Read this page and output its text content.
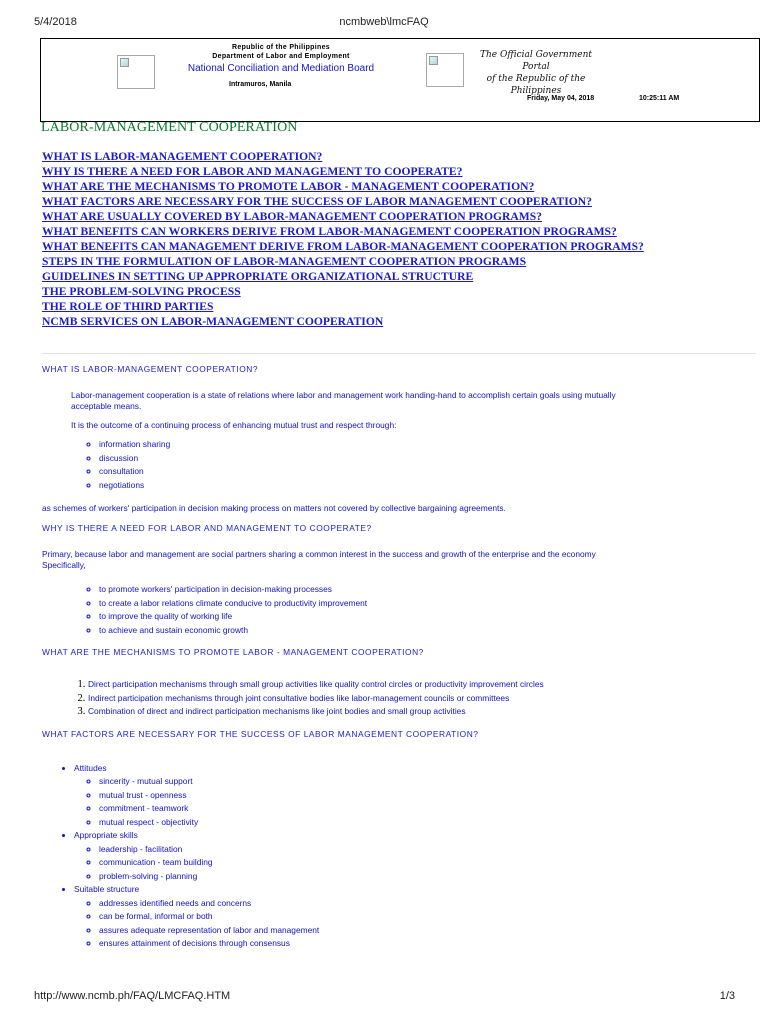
5/4/2018	ncmbweb\lmcFAQ
Republic of the Philippines
Department of Labor and Employment
National Conciliation and Mediation Board
Intramuros, Manila
The Official Government Portal
of the Republic of the Philippines
Friday, May 04, 2018	10:25:11 AM
LABOR-MANAGEMENT COOPERATION
WHAT IS LABOR-MANAGEMENT COOPERATION?
WHY IS THERE A NEED FOR LABOR AND MANAGEMENT TO COOPERATE?
WHAT ARE THE MECHANISMS TO PROMOTE LABOR - MANAGEMENT COOPERATION?
WHAT FACTORS ARE NECESSARY FOR THE SUCCESS OF LABOR MANAGEMENT COOPERATION?
WHAT ARE USUALLY COVERED BY LABOR-MANAGEMENT COOPERATION PROGRAMS?
WHAT BENEFITS CAN WORKERS DERIVE FROM LABOR-MANAGEMENT COOPERATION PROGRAMS?
WHAT BENEFITS CAN MANAGEMENT DERIVE FROM LABOR-MANAGEMENT COOPERATION PROGRAMS?
STEPS IN THE FORMULATION OF LABOR-MANAGEMENT COOPERATION PROGRAMS
GUIDELINES IN SETTING UP APPROPRIATE ORGANIZATIONAL STRUCTURE
THE PROBLEM-SOLVING PROCESS
THE ROLE OF THIRD PARTIES
NCMB SERVICES ON LABOR-MANAGEMENT COOPERATION
WHAT IS LABOR-MANAGEMENT COOPERATION?

Labor-management cooperation is a state of relations where labor and management work handing-hand to accomplish certain goals using mutually
acceptable means.

It is the outcome of a continuing process of enhancing mutual trust and respect through:

◦ information sharing
◦ discussion
◦ consultation
◦ negotiations

as schemes of workers' participation in decision making process on matters not covered by collective bargaining agreements.

WHY IS THERE A NEED FOR LABOR AND MANAGEMENT TO COOPERATE?

Primary, because labor and management are social partners sharing a common interest in the success and growth of the enterprise and the economy
Specifically,

◦ to promote workers' participation in decision-making processes
◦ to create a labor relations climate conducive to productivity improvement
◦ to improve the quality of working life
◦ to achieve and sustain economic growth
WHAT ARE THE MECHANISMS TO PROMOTE LABOR - MANAGEMENT COOPERATION?
1. Direct participation mechanisms through small group activities like quality control circles or productivity improvement circles
2. Indirect participation mechanisms through joint consultative bodies like labor-management councils or committees
3. Combination of direct and indirect participation mechanisms like joint bodies and small group activities
WHAT FACTORS ARE NECESSARY FOR THE SUCCESS OF LABOR MANAGEMENT COOPERATION?
• Attitudes
◦ sincerity - mutual support
◦ mutual trust - openness
◦ commitment - teamwork
◦ mutual respect - objectivity
• Appropriate skills
◦ leadership - facilitation
◦ communication - team building
◦ problem-solving - planning
• Suitable structure
◦ addresses identified needs and concerns
◦ can be formal, informal or both
◦ assures adequate representation of labor and management
◦ ensures attainment of decisions through consensus
http://www.ncmb.ph/FAQ/LMCFAQ.HTM	1/3
